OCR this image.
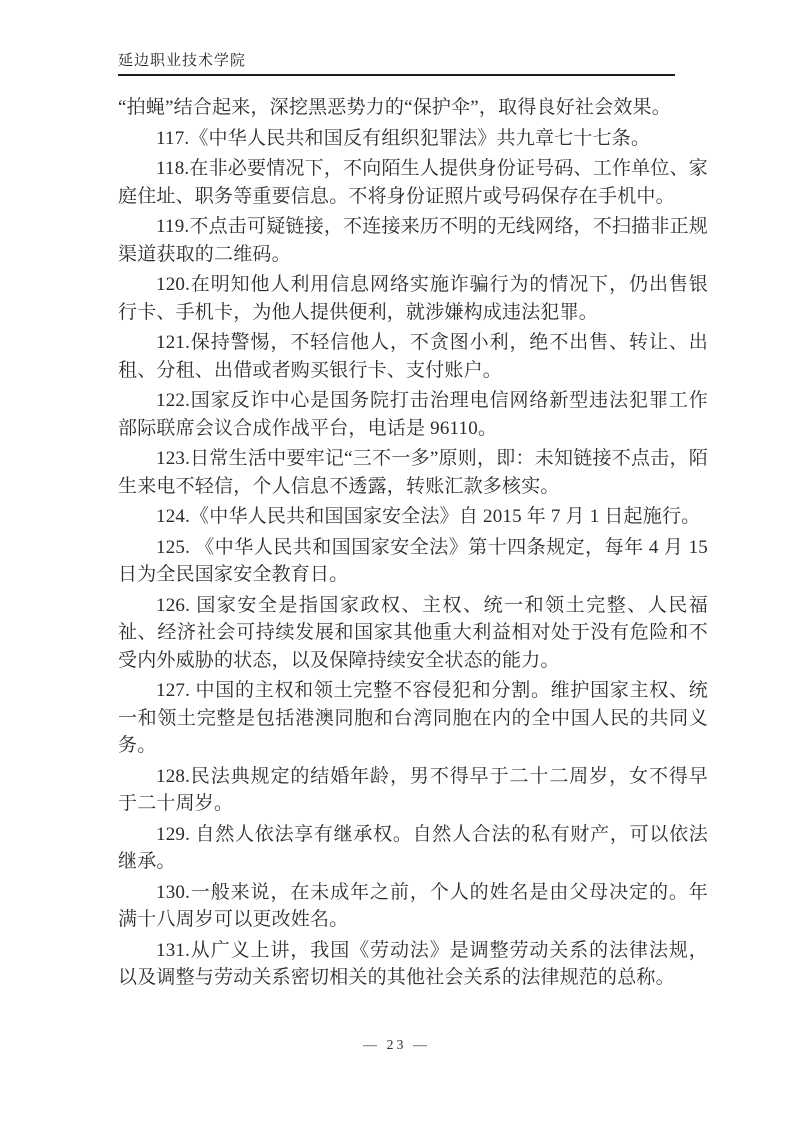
延边职业技术学院

“拍蝇”结合起来，深挖黑恶势力的“保护伞”，取得良好社会效果。

117.《中华人民共和国反有组织犯罪法》共九章七十七条。

118.在非必要情况下，不向陌生人提供身份证号码、工作单位、家庭住址、职务等重要信息。不将身份证照片或号码保存在手机中。

119.不点击可疑链接，不连接来历不明的无线网络，不扫描非正规渠道获取的二维码。

120.在明知他人利用信息网络实施诈骗行为的情况下，仍出售银行卡、手机卡，为他人提供便利，就涉嫌构成违法犯罪。

121.保持警惕，不轻信他人，不贪图小利，绝不出售、转让、出租、分租、出借或者购买银行卡、支付账户。

122.国家反诈中心是国务院打击治理电信网络新型违法犯罪工作部际联席会议合成作战平台，电话是 96110。

123.日常生活中要牢记“三不一多”原则，即：未知链接不点击，陌生来电不轻信，个人信息不透露，转账汇款多核实。

124.《中华人民共和国国家安全法》自 2015 年 7 月 1 日起施行。

125. 《中华人民共和国国家安全法》第十四条规定，每年 4 月 15 日为全民国家安全教育日。

126. 国家安全是指国家政权、主权、统一和领土完整、人民福祉、经济社会可持续发展和国家其他重大利益相对处于没有危险和不受内外威胁的状态，以及保障持续安全状态的能力。

127. 中国的主权和领土完整不容侵犯和分割。维护国家主权、统一和领土完整是包括港澳同胞和台湾同胞在内的全中国人民的共同义务。

128.民法典规定的结婚年龄，男不得早于二十二周岁，女不得早于二十周岁。

129. 自然人依法享有继承权。自然人合法的私有财产，可以依法继承。

130.一般来说，在未成年之前，个人的姓名是由父母决定的。年满十八周岁可以更改姓名。

131.从广义上讲，我国《劳动法》是调整劳动关系的法律法规，以及调整与劳动关系密切相关的其他社会关系的法律规范的总称。

— 23 —
